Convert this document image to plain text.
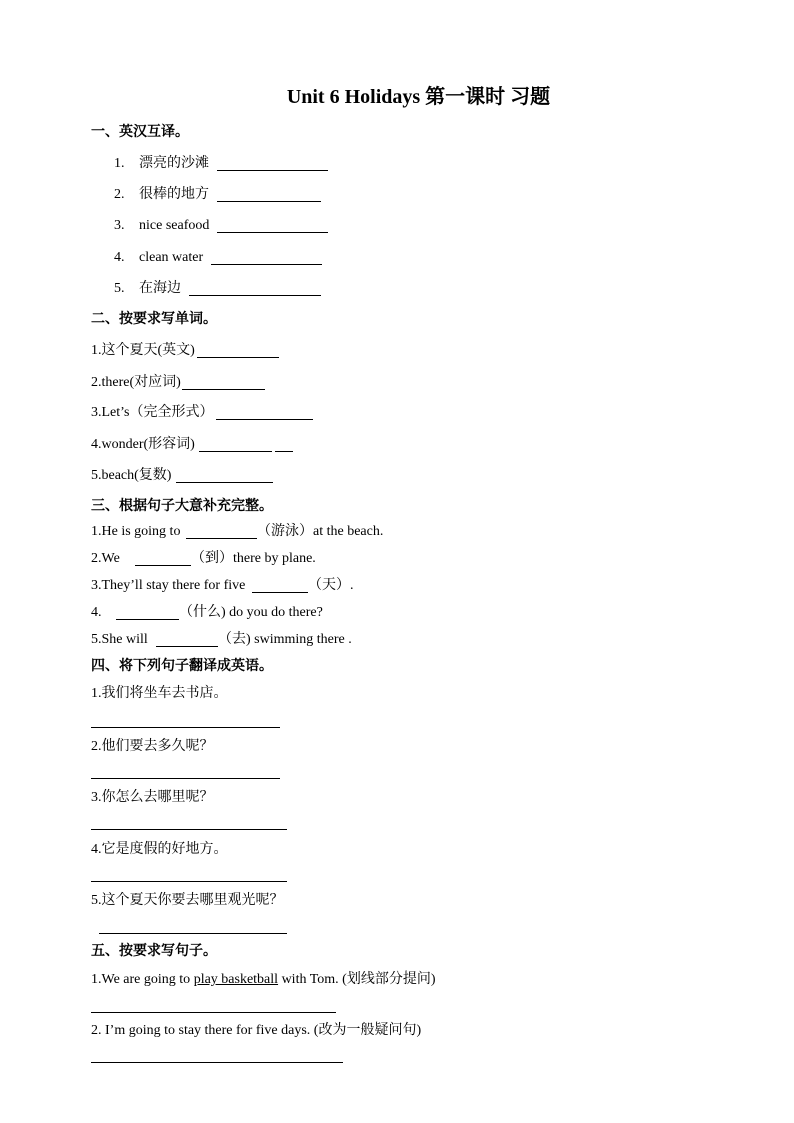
Unit 6 Holidays 第一课时 习题
一、英汉互译。
1. 漂亮的沙滩
2. 很棒的地方
3. nice seafood
4. clean water
5. 在海边
二、按要求写单词。
1.这个夏天(英文)
2.there(对应词)
3.Let’s（完全形式）
4.wonder(形容词)
5.beach(复数)
三、根据句子大意补充完整。
1.He is going to	（游泳）at the beach.
2.We	（到）there by plane.
3.They’ll stay there for five	（天）.
4.	（什么) do you do there?
5.She will	（去) swimming there .
四、将下列句子翻译成英语。
1.我们将坐车去书店。
2.他们要去多久呢？
3.你怎么去哪里呢？
4.它是度假的好地方。
5.这个夏天你要去哪里观光呢？
五、按要求写句子。
1.We are going to play basketball with Tom. (划线部分提问)
2. I’m going to stay there for five days. (改为一般疑问句)
